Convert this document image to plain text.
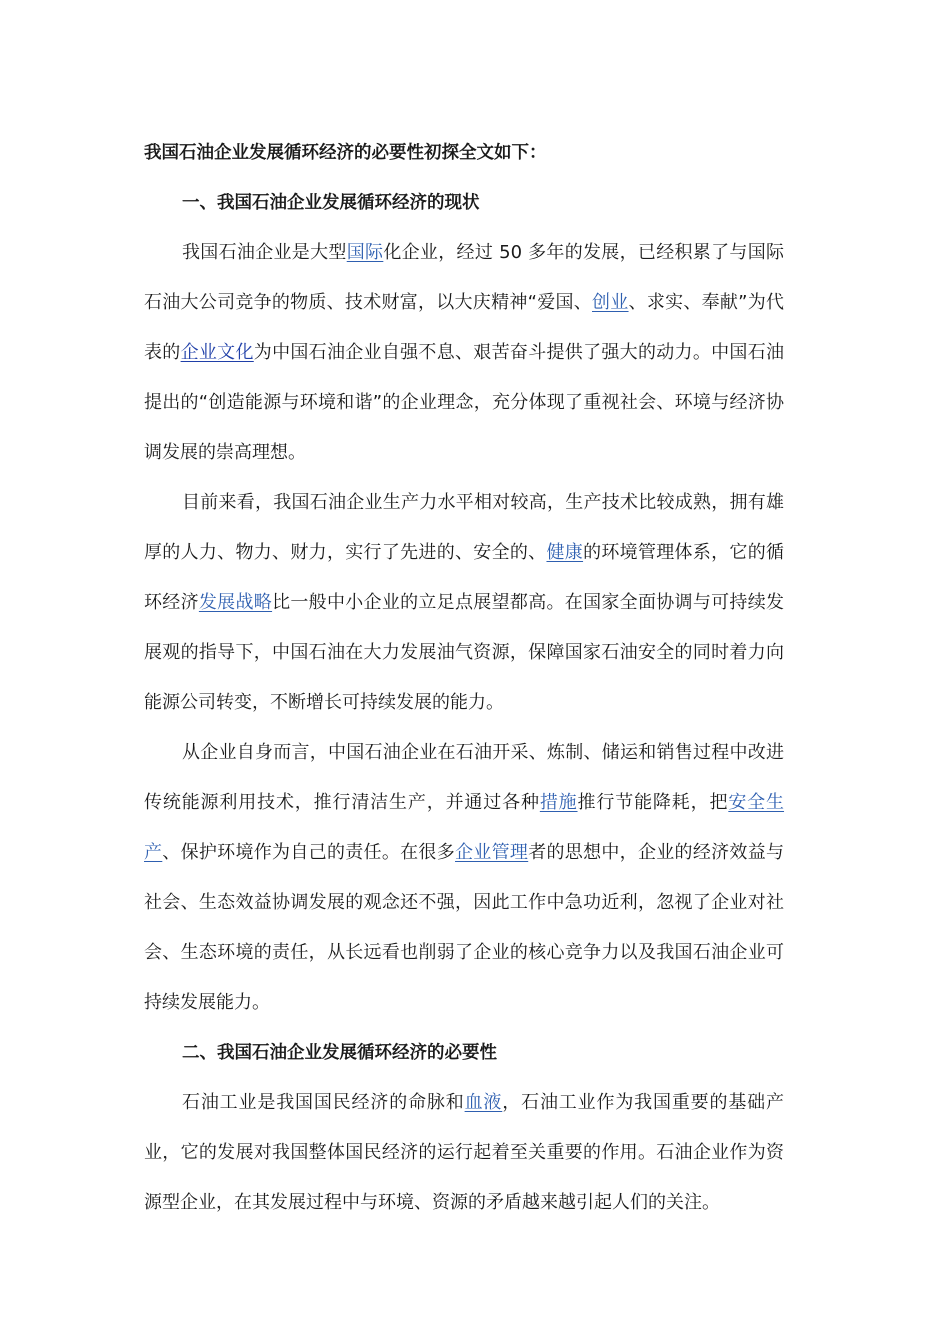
我国石油企业发展循环经济的必要性初探全文如下：

一、我国石油企业发展循环经济的现状

我国石油企业是大型国际化企业，经过 50 多年的发展，已经积累了与国际石油大公司竞争的物质、技术财富，以大庆精神“爱国、创业、求实、奉献”为代表的企业文化为中国石油企业自强不息、艰苦奋斗提供了强大的动力。中国石油提出的“创造能源与环境和谐”的企业理念，充分体现了重视社会、环境与经济协调发展的崇高理想。

目前来看，我国石油企业生产力水平相对较高，生产技术比较成熟，拥有雄厚的人力、物力、财力，实行了先进的、安全的、健康的环境管理体系，它的循环经济发展战略比一般中小企业的立足点展望都高。在国家全面协调与可持续发展观的指导下，中国石油在大力发展油气资源，保障国家石油安全的同时着力向能源公司转变，不断增长可持续发展的能力。

从企业自身而言，中国石油企业在石油开采、炼制、储运和销售过程中改进传统能源利用技术，推行清洁生产，并通过各种措施推行节能降耗，把安全生产、保护环境作为自己的责任。在很多企业管理者的思想中，企业的经济效益与社会、生态效益协调发展的观念还不强，因此工作中急功近利，忽视了企业对社会、生态环境的责任，从长远看也削弱了企业的核心竞争力以及我国石油企业可持续发展能力。

二、我国石油企业发展循环经济的必要性

石油工业是我国国民经济的命脉和血液，石油工业作为我国重要的基础产业，它的发展对我国整体国民经济的运行起着至关重要的作用。石油企业作为资源型企业，在其发展过程中与环境、资源的矛盾越来越引起人们的关注。
